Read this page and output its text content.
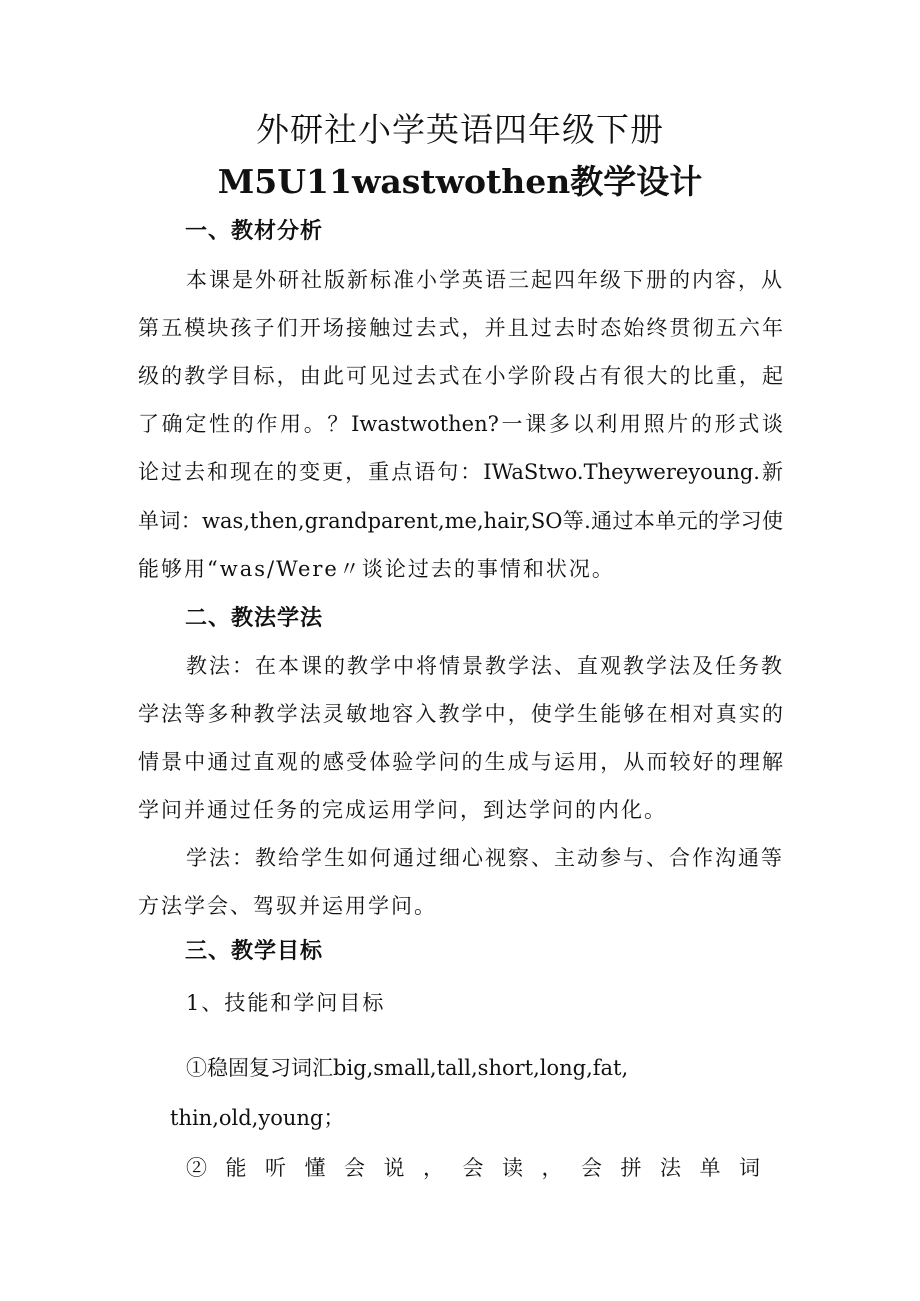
外研社小学英语四年级下册
M5U11wastwothen教学设计
一、教材分析
本课是外研社版新标准小学英语三起四年级下册的内容，从
第五模块孩子们开场接触过去式，并且过去时态始终贯彻五六年
级的教学目标，由此可见过去式在小学阶段占有很大的比重，起
了确定性的作用。？Iwastwothen?一课多以利用照片的形式谈
论过去和现在的变更，重点语句：IWaStwo.Theywereyoung.新
单词：was,then,grandparent,me,hair,SO等.通过本单元的学习使
能够用“was/Were〃谈论过去的事情和状况。
二、教法学法
教法：在本课的教学中将情景教学法、直观教学法及任务教
学法等多种教学法灵敏地容入教学中，使学生能够在相对真实的
情景中通过直观的感受体验学问的生成与运用，从而较好的理解
学问并通过任务的完成运用学问，到达学问的内化。
学法：教给学生如何通过细心视察、主动参与、合作沟通等
方法学会、驾驭并运用学问。
三、教学目标
1、技能和学问目标
①稳固复习词汇big,small,tall,short,long,fat,
thin,old,young；
②能听懂会说，会读，会拼法单词
